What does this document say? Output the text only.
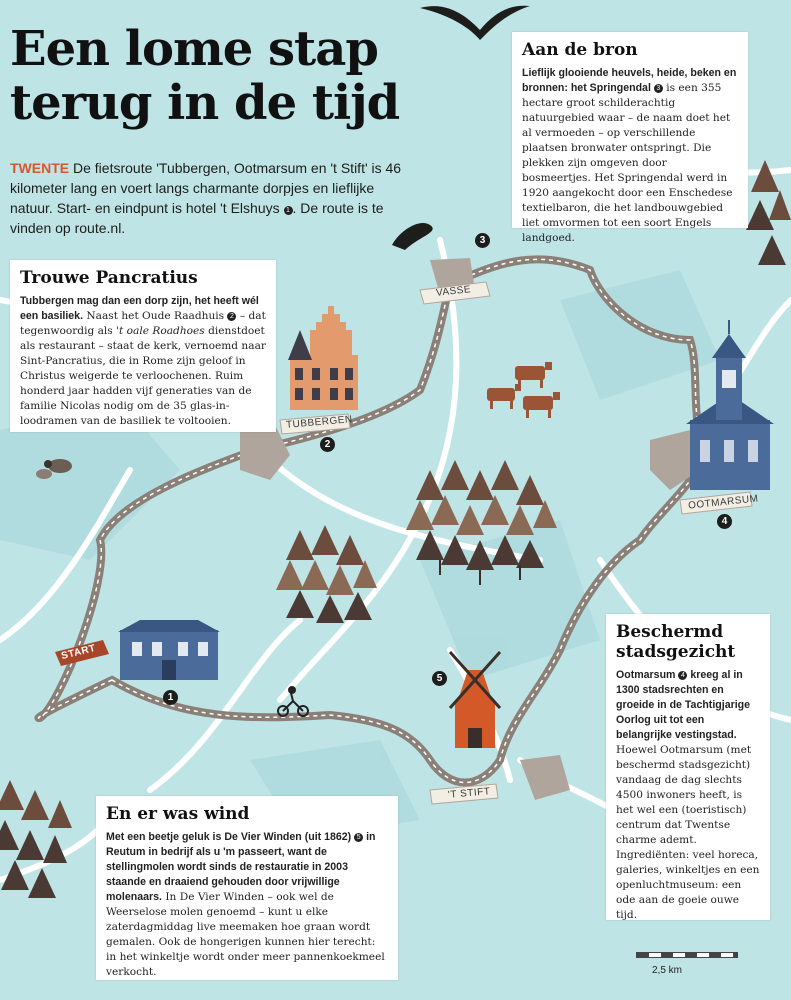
VASSE
TUBBERGEN
OOTMARSUM
'T STIFT
START
1
2
3
4
5
Een lome stap
terug in de tijd
TWENTE De fietsroute 'Tubbergen, Ootmarsum en 't Stift' is 46 kilometer lang en voert langs charmante dorpjes en lieflijke natuur. Start- en eindpunt is hotel 't Elshuys 1 . De route is te vinden op route.nl.
Aan de bron

Lieflijk glooiende heuvels, heide, beken en bronnen: het Springendal 3 is een 355 hectare groot schilderachtig natuurgebied waar – de naam doet het al vermoeden – op verschillende plaatsen bronwater ontspringt. Die plekken zijn omgeven door bosmeertjes. Het Springendal werd in 1920 aangekocht door een Enschedese textielbaron, die het landbouwgebied liet omvormen tot een soort Engels landgoed.

Trouwe Pancratius

Tubbergen mag dan een dorp zijn, het heeft wél een basiliek. Naast het Oude Raadhuis 2 – dat tegenwoordig als 't oale Roadhoes dienstdoet als restaurant – staat de kerk, vernoemd naar Sint-Pancratius, die in Rome zijn geloof in Christus weigerde te verloochenen. Ruim honderd jaar hadden vijf generaties van de familie Nicolas nodig om de 35 glas-in-loodramen van de basiliek te voltooien.

Beschermd stadsgezicht

Ootmarsum 4 kreeg al in 1300 stadsrechten en groeide in de Tachtigjarige Oorlog uit tot een belangrijke vestingstad. Hoewel Ootmarsum (met beschermd stadsgezicht) vandaag de dag slechts 4500 inwoners heeft, is het wel een (toeristisch) centrum dat Twentse charme ademt. Ingrediënten: veel horeca, galeries, winkeltjes en een openluchtmuseum: een ode aan de goeie ouwe tijd.

En er was wind

Met een beetje geluk is De Vier Winden (uit 1862) 5 in Reutum in bedrijf als u 'm passeert, want de stellingmolen wordt sinds de restauratie in 2003 staande en draaiend gehouden door vrijwillige molenaars. In De Vier Winden – ook wel de Weerselose molen genoemd – kunt u elke zaterdagmiddag live meemaken hoe graan wordt gemalen. Ook de hongerigen kunnen hier terecht: in het winkeltje wordt onder meer pannenkoekmeel verkocht.	2,5 km
